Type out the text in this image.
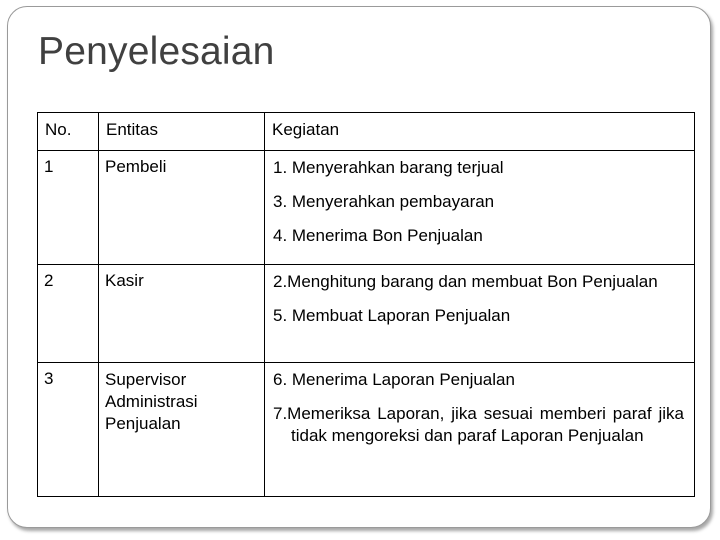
Penyelesaian
No.	Entitas	Kegiatan
1	Pembeli	1. Menyerahkan barang terjual
3. Menyerahkan pembayaran
4. Menerima Bon Penjualan

2	Kasir	2.Menghitung barang dan membuat Bon Penjualan
5. Membuat Laporan Penjualan

3	Supervisor Administrasi Penjualan	6. Menerima Laporan Penjualan
7.Memeriksa Laporan, jika sesuai memberi paraf jika tidak mengoreksi dan paraf Laporan Penjualan
